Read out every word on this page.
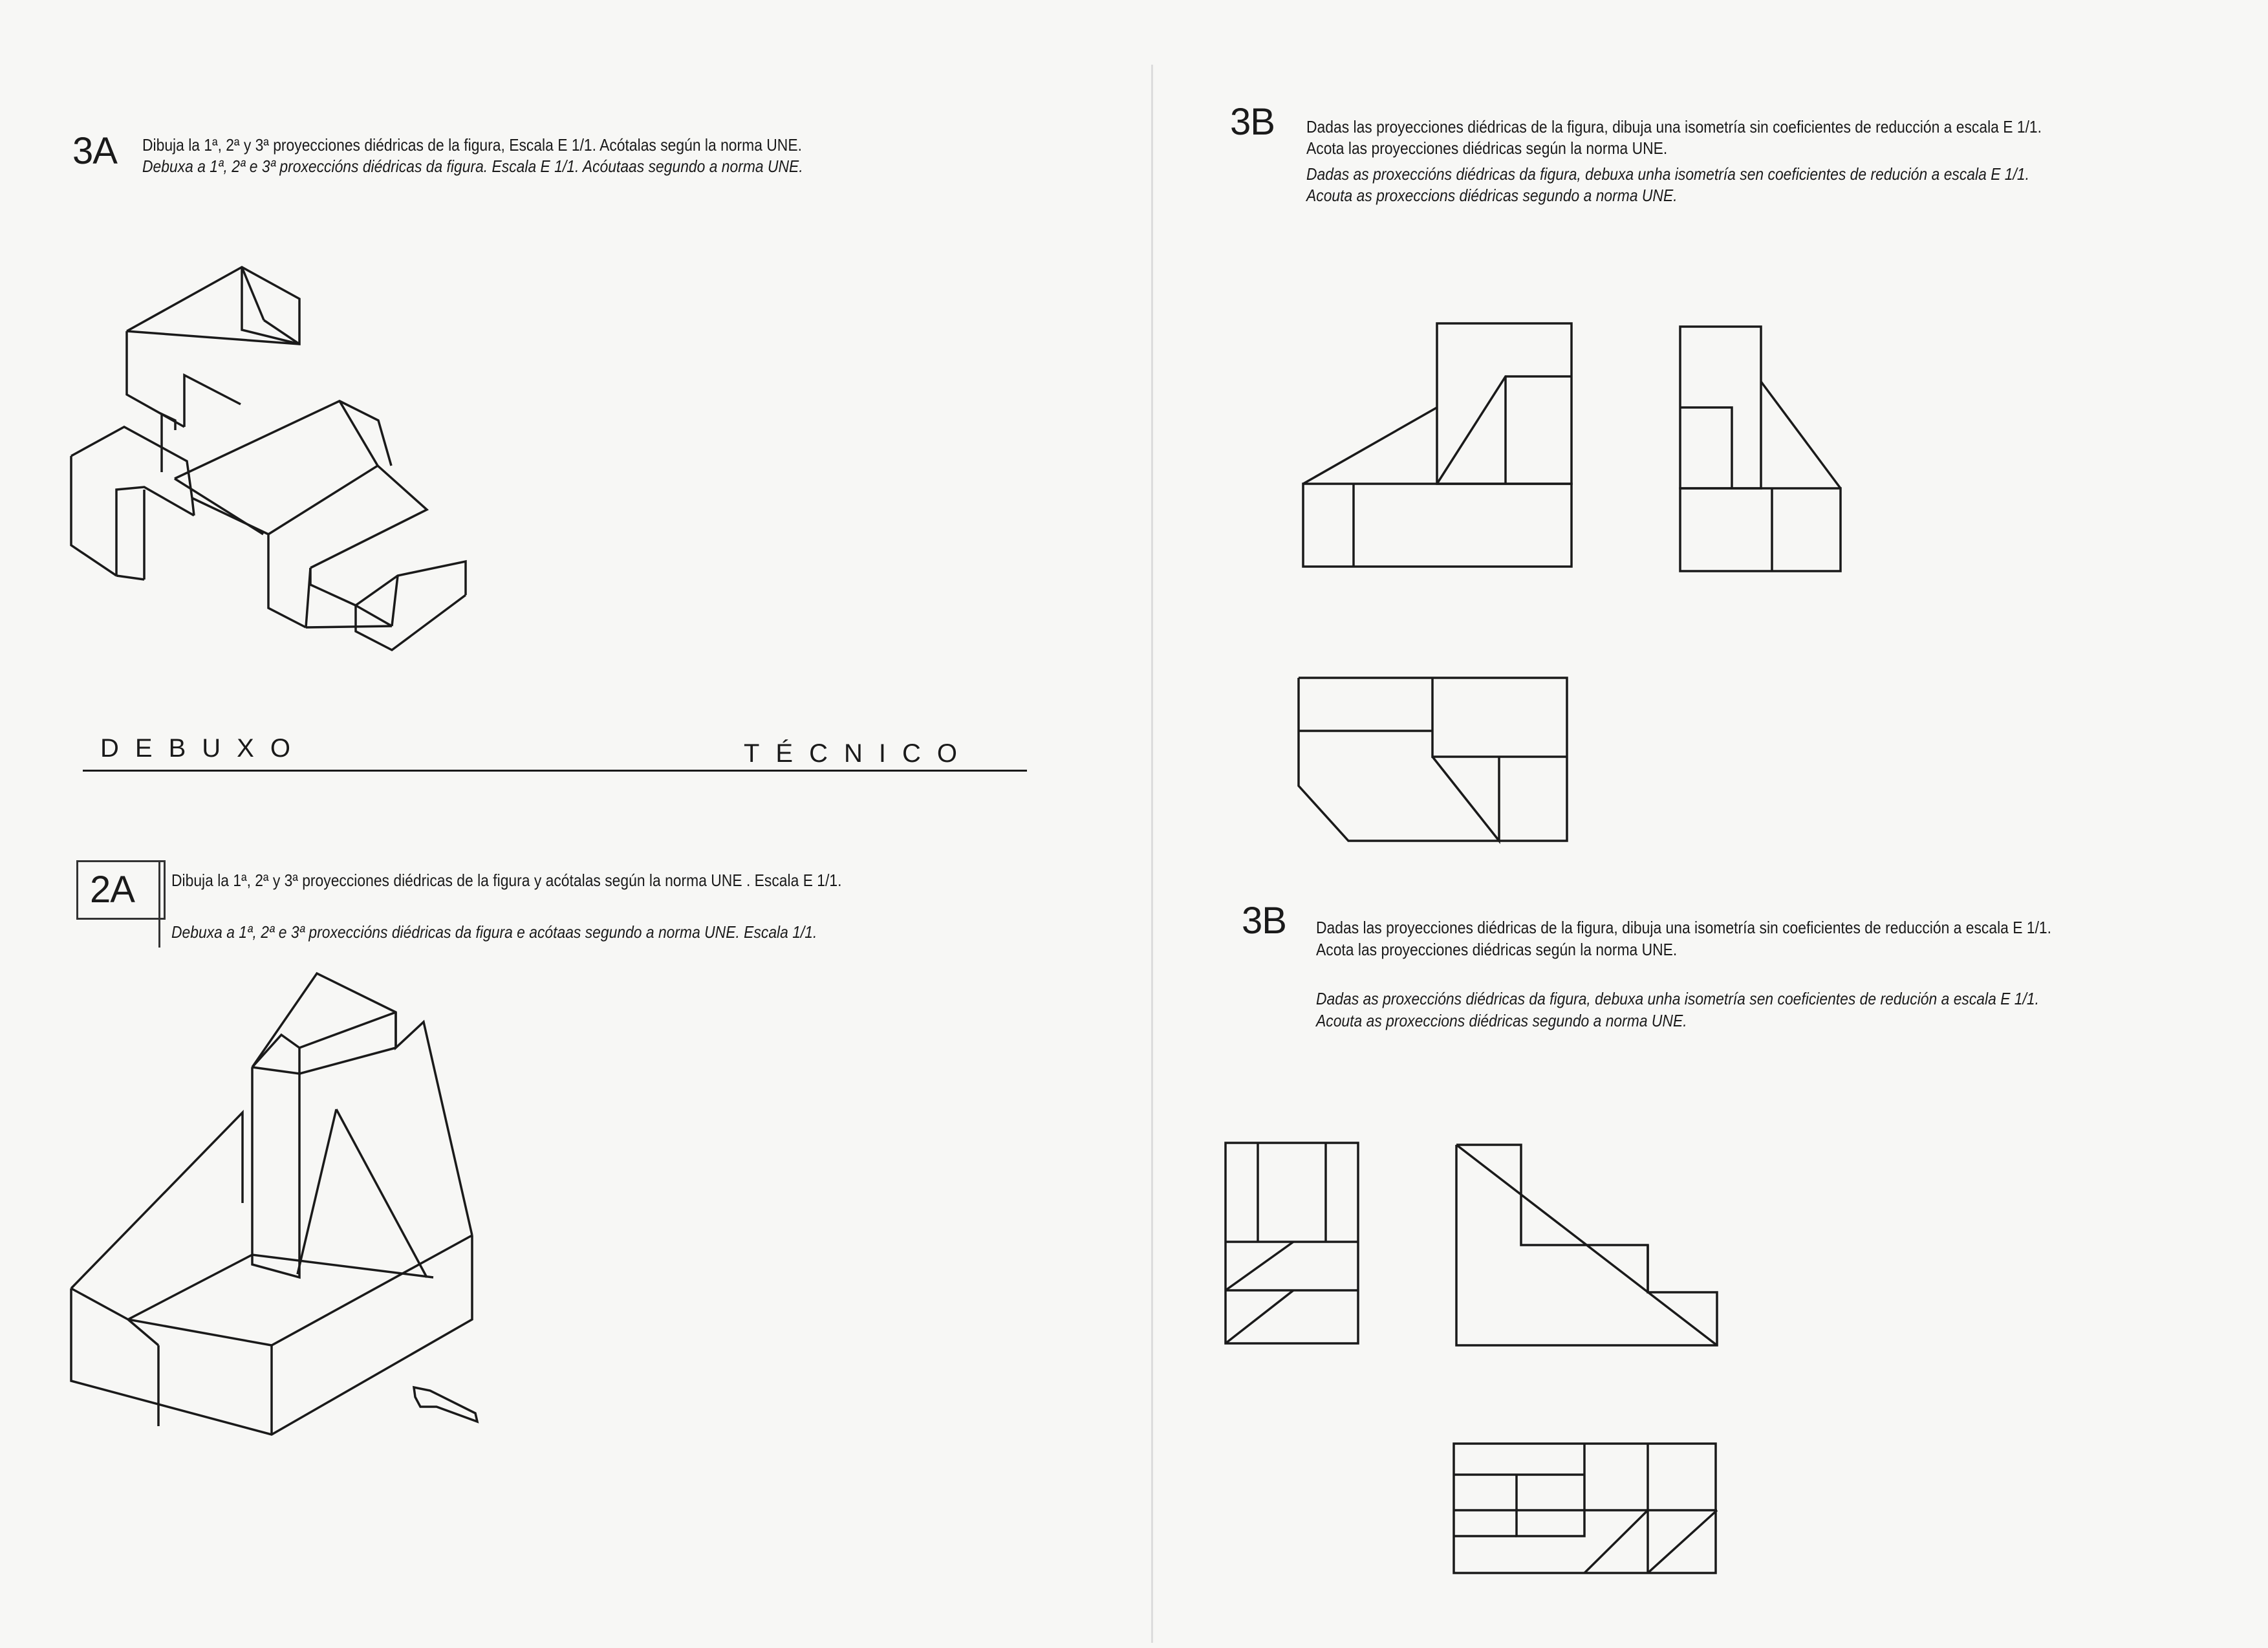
3A Dibuja la 1ª, 2ª y 3ª proyecciones diédricas de la figura, Escala E 1/1. Acótalas según la norma UNE.
Debuxa a 1ª, 2ª e 3ª proxeccións diédricas da figura. Escala E 1/1. Acóutaas segundo a norma UNE.
DEBUXO	TÉCNICO
2A	Dibuja la 1ª, 2ª y 3ª proyecciones diédricas de la figura y acótalas según la norma UNE . Escala E 1/1.
Debuxa a 1ª, 2ª e 3ª proxeccións diédricas da figura e acótaas segundo a norma UNE. Escala 1/1.
3B Dadas las proyecciones diédricas de la figura, dibuja una isometría sin coeficientes de reducción a escala E 1/1.
Acota las proyecciones diédricas según la norma UNE.
Dadas as proxeccións diédricas da figura, debuxa unha isometría sen coeficientes de redución a escala E 1/1.
Acouta as proxeccions diédricas segundo a norma UNE.
3B Dadas las proyecciones diédricas de la figura, dibuja una isometría sin coeficientes de reducción a escala E 1/1.
Acota las proyecciones diédricas según la norma UNE.
Dadas as proxeccións diédricas da figura, debuxa unha isometría sen coeficientes de redución a escala E 1/1.
Acouta as proxeccions diédricas segundo a norma UNE.
